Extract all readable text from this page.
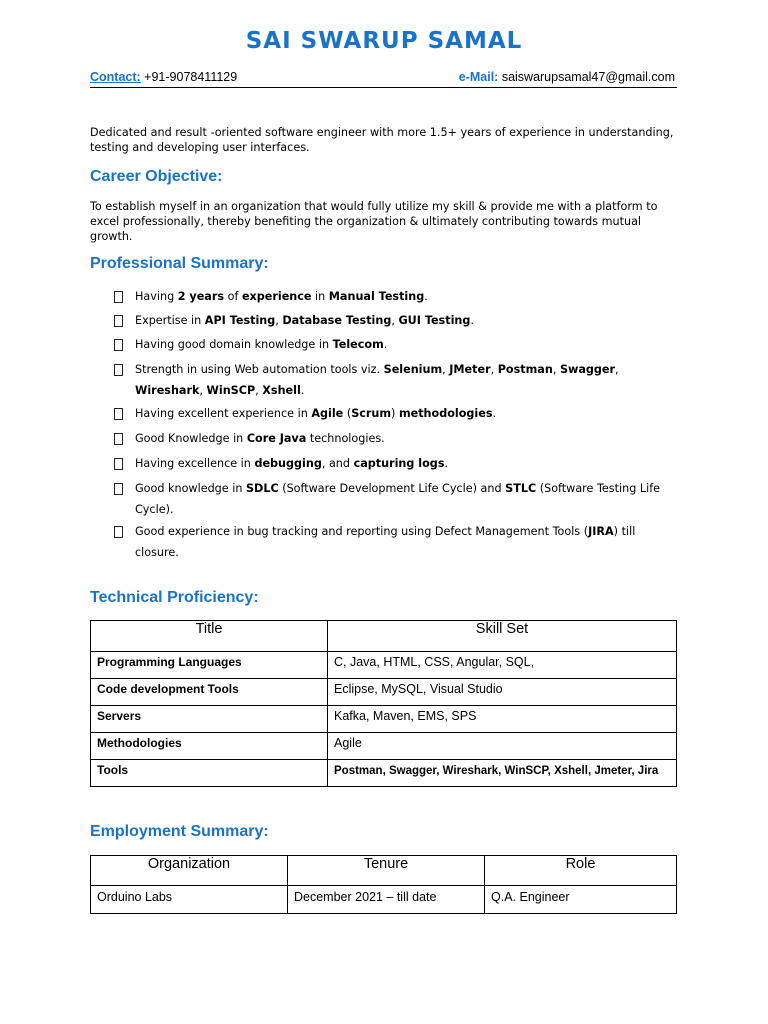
SAI SWARUP SAMAL
Contact: +91-9078411129	e-Mail: saiswarupsamal47@gmail.com
Dedicated and result -oriented software engineer with more 1.5+ years of experience in understanding, testing and developing user interfaces.
Career Objective:
To establish myself in an organization that would fully utilize my skill & provide me with a platform to excel professionally, thereby benefiting the organization & ultimately contributing towards mutual growth.
Professional Summary:
Having 2 years of experience in Manual Testing.
Expertise in API Testing, Database Testing, GUI Testing.
Having good domain knowledge in Telecom.
Strength in using Web automation tools viz. Selenium, JMeter, Postman, Swagger, Wireshark, WinSCP, Xshell.
Having excellent experience in Agile (Scrum) methodologies.
Good Knowledge in Core Java technologies.
Having excellence in debugging, and capturing logs.
Good knowledge in SDLC (Software Development Life Cycle) and STLC (Software Testing Life Cycle).
Good experience in bug tracking and reporting using Defect Management Tools (JIRA) till closure.
Technical Proficiency:
Title	Skill Set
Programming Languages	C, Java, HTML, CSS, Angular, SQL,
Code development Tools	Eclipse, MySQL, Visual Studio
Servers	Kafka, Maven, EMS, SPS
Methodologies	Agile
Tools	Postman, Swagger, Wireshark, WinSCP, Xshell, Jmeter, Jira
Employment Summary:
Organization	Tenure	Role
Orduino Labs	December 2021 – till date	Q.A. Engineer
